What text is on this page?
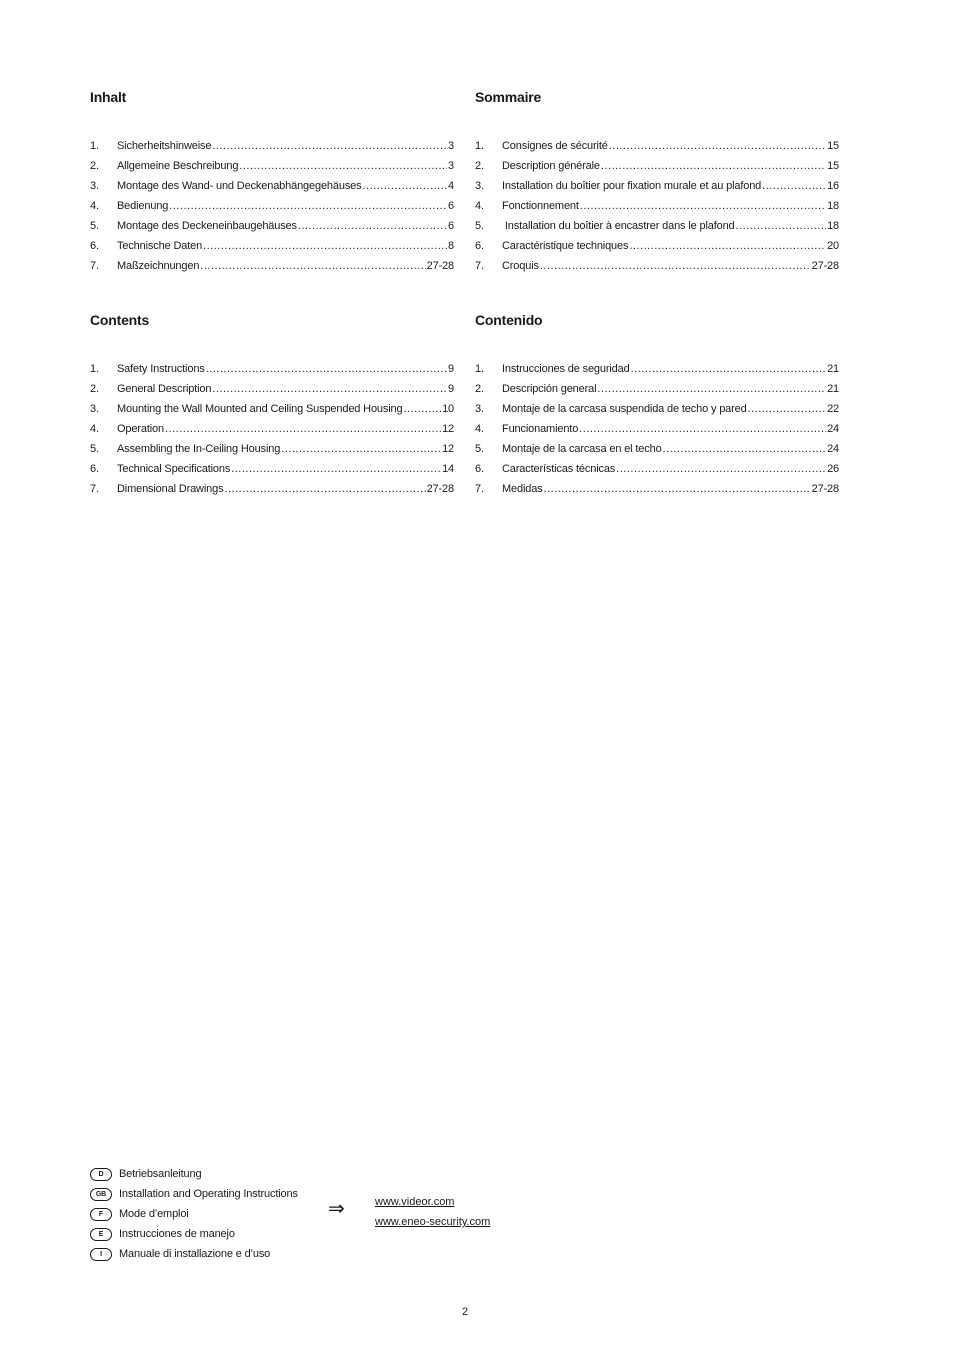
Inhalt
1.	Sicherheitshinweise .....	3
2.	Allgemeine Beschreibung .....	3
3.	Montage des Wand- und Deckenabhängegehäuses .....	4
4.	Bedienung .....	6
5.	Montage des Deckeneinbaugehäuses .....	6
6.	Technische Daten .....	8
7.	Maßzeichnungen .....	27-28
Sommaire
1.	Consignes de sécurité .....	15
2.	Description générale .....	15
3.	Installation du boîtier pour fixation murale et au plafond .....	16
4.	Fonctionnement .....	18
5.	Installation du boîtier à encastrer dans le plafond .....	18
6.	Caractéristique techniques .....	20
7.	Croquis .....	27-28
Contents
1.	Safety Instructions .....	9
2.	General Description .....	9
3.	Mounting the Wall Mounted and Ceiling Suspended Housing .....	10
4.	Operation .....	12
5.	Assembling the In-Ceiling Housing .....	12
6.	Technical Specifications .....	14
7.	Dimensional Drawings .....	27-28
Contenido
1.	Instrucciones de seguridad .....	21
2.	Descripción general .....	21
3.	Montaje de la carcasa suspendida de techo y pared .....	22
4.	Funcionamiento .....	24
5.	Montaje de la carcasa en el techo .....	24
6.	Características técnicas .....	26
7.	Medidas .....	27-28
D	Betriebsanleitung
GB	Installation and Operating Instructions
F	Mode d’emploi
E	Instrucciones de manejo
I	Manuale di installazione e d’uso
⇒	www.videor.com
www.eneo-security.com
2
